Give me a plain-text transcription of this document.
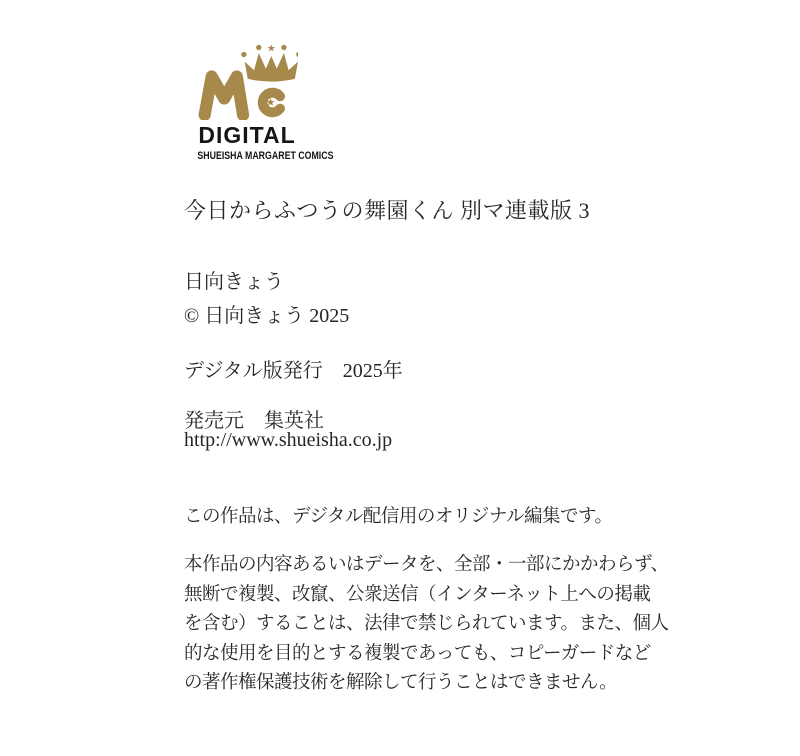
DIGITAL
SHUEISHA MARGARET COMICS
今日からふつうの舞園くん 別マ連載版 3
日向きょう
© 日向きょう 2025
デジタル版発行　2025年
発売元　集英社
http://www.shueisha.co.jp
この作品は、デジタル配信用のオリジナル編集です。
本作品の内容あるいはデータを、全部・一部にかかわらず、
無断で複製、改竄、公衆送信（インターネット上への掲載
を含む）することは、法律で禁じられています。また、個人
的な使用を目的とする複製であっても、コピーガードなど
の著作権保護技術を解除して行うことはできません。
